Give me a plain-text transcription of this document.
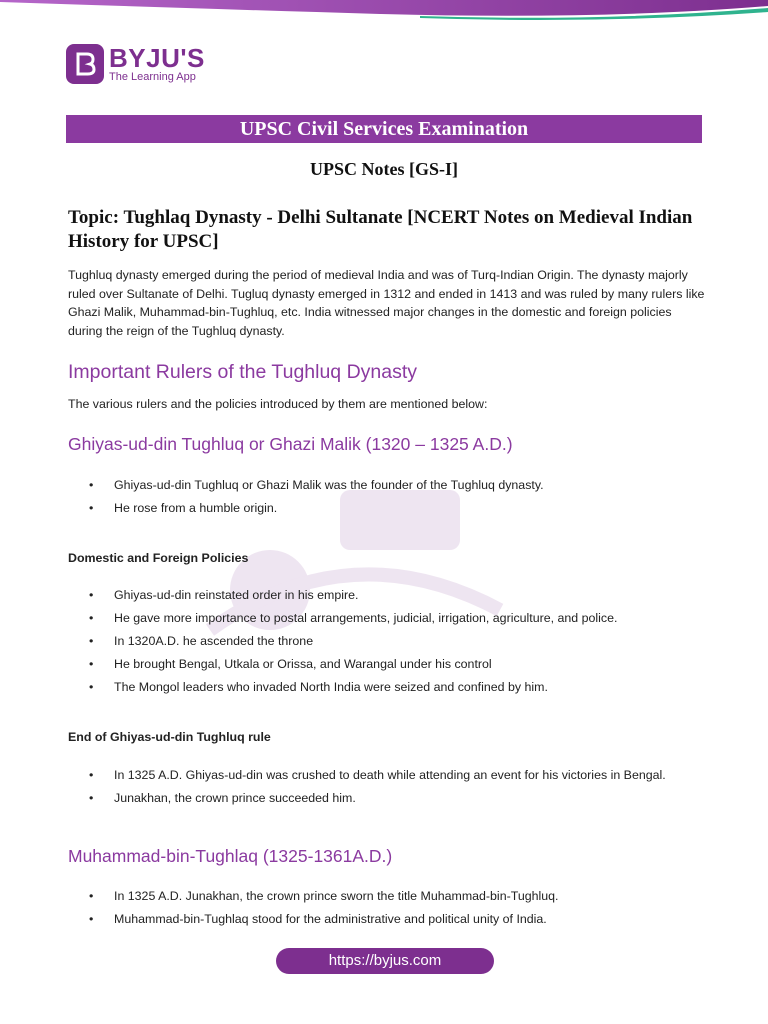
BYJU'S
The Learning App
UPSC Civil Services Examination
UPSC Notes [GS-I]
Topic: Tughlaq Dynasty - Delhi Sultanate [NCERT Notes on Medieval Indian History for UPSC]
Tughluq dynasty emerged during the period of medieval India and was of Turq-Indian Origin. The dynasty majorly ruled over Sultanate of Delhi. Tugluq dynasty emerged in 1312 and ended in 1413 and was ruled by many rulers like Ghazi Malik, Muhammad-bin-Tughluq, etc. India witnessed major changes in the domestic and foreign policies during the reign of the Tughluq dynasty.
Important Rulers of the Tughluq Dynasty
The various rulers and the policies introduced by them are mentioned below:
Ghiyas-ud-din Tughluq or Ghazi Malik (1320 – 1325 A.D.)
• Ghiyas-ud-din Tughluq or Ghazi Malik was the founder of the Tughluq dynasty.
• He rose from a humble origin.
Domestic and Foreign Policies
• Ghiyas-ud-din reinstated order in his empire.
• He gave more importance to postal arrangements, judicial, irrigation, agriculture, and police.
• In 1320A.D. he ascended the throne
• He brought Bengal, Utkala or Orissa, and Warangal under his control
• The Mongol leaders who invaded North India were seized and confined by him.
End of Ghiyas-ud-din Tughluq rule
• In 1325 A.D. Ghiyas-ud-din was crushed to death while attending an event for his victories in Bengal.
• Junakhan, the crown prince succeeded him.
Muhammad-bin-Tughlaq (1325-1361A.D.)
• In 1325 A.D. Junakhan, the crown prince sworn the title Muhammad-bin-Tughluq.
• Muhammad-bin-Tughlaq stood for the administrative and political unity of India.
https://byjus.com
